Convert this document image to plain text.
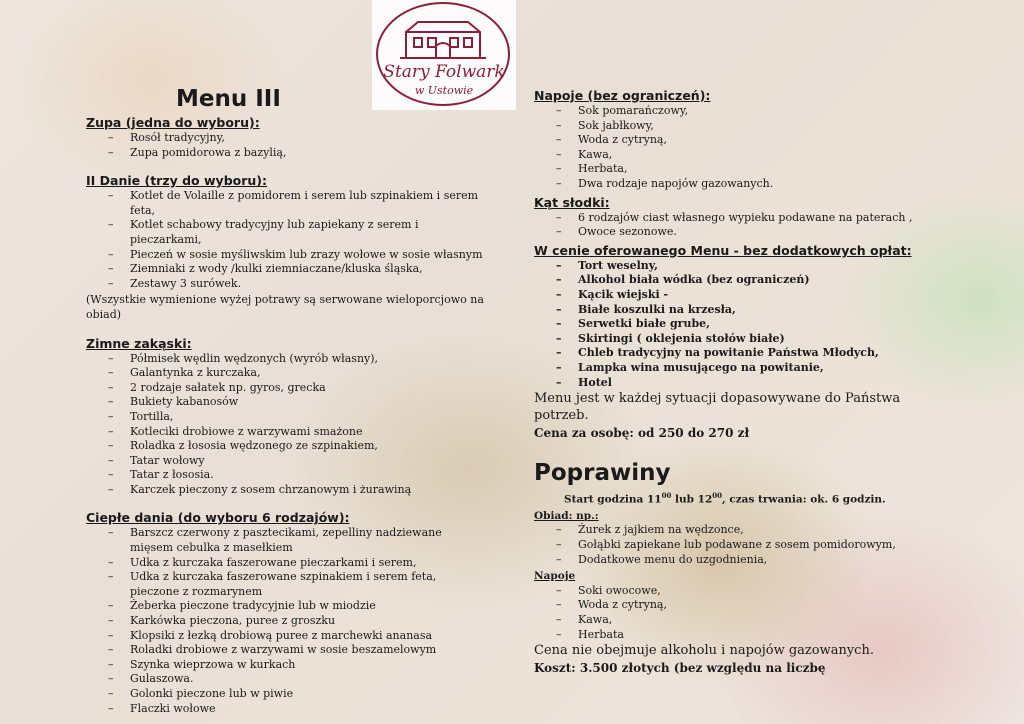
Stary Folwark
w Ustowie
Menu III
Zupa (jedna do wyboru):
– Rosół tradycyjny,
– Zupa pomidorowa z bazylią,
II Danie (trzy do wyboru):
– Kotlet de Volaille z pomidorem i serem lub szpinakiem i serem feta,
– Kotlet schabowy tradycyjny lub zapiekany z serem i pieczarkami,
– Pieczeń w sosie myśliwskim lub zrazy wołowe w sosie własnym
– Ziemniaki z wody /kulki ziemniaczane/kluska śląska,
– Zestawy 3 surówek.

(Wszystkie wymienione wyżej potrawy są serwowane wieloporcjowo na obiad)

Zimne zakąski:
– Półmisek wędlin wędzonych (wyrób własny),
– Galantynka z kurczaka,
– 2 rodzaje sałatek np. gyros, grecka
– Bukiety kabanosów
– Tortilla,
– Kotleciki drobiowe z warzywami smażone
– Roladka z łososia wędzonego ze szpinakiem,
– Tatar wołowy
– Tatar z łososia.
– Karczek pieczony z sosem chrzanowym i żurawiną
Ciepłe dania (do wyboru 6 rodzajów):
– Barszcz czerwony z pasztecikami, zepelliny nadziewane mięsem cebulka z masełkiem
– Udka z kurczaka faszerowane pieczarkami i serem,
– Udka z kurczaka faszerowane szpinakiem i serem feta, pieczone z rozmarynem
– Żeberka pieczone tradycyjnie lub w miodzie
– Karkówka pieczona, puree z groszku
– Klopsiki z łezką drobiową puree z marchewki ananasa
– Roladki drobiowe z warzywami w sosie beszamelowym
– Szynka wieprzowa w kurkach
– Gulaszowa.
– Golonki pieczone lub w piwie
– Flaczki wołowe
Napoje (bez ograniczeń):
– Sok pomarańczowy,
– Sok jabłkowy,
– Woda z cytryną,
– Kawa,
– Herbata,
– Dwa rodzaje napojów gazowanych.
Kąt słodki:
– 6 rodzajów ciast własnego wypieku podawane na paterach ,
– Owoce sezonowe.
W cenie oferowanego Menu - bez dodatkowych opłat:
– Tort weselny,
– Alkohol biała wódka (bez ograniczeń)
– Kącik wiejski -
– Białe koszulki na krzesła,
– Serwetki białe grube,
– Skirtingi ( oklejenia stołów białe)
– Chleb tradycyjny na powitanie Państwa Młodych,
– Lampka wina musującego na powitanie,
– Hotel

Menu jest w każdej sytuacji dopasowywane do Państwa potrzeb.

Cena za osobę: od 250 do 270 zł

Poprawiny

Start godzina $11^{00}$ lub $12^{00}$, czas trwania: ok. 6 godzin.

Obiad: np.:

– Żurek z jajkiem na wędzonce,
– Gołąbki zapiekane lub podawane z sosem pomidorowym,
– Dodatkowe menu do uzgodnienia,

Napoje

– Soki owocowe,
– Woda z cytryną,
– Kawa,
– Herbata

Cena nie obejmuje alkoholu i napojów gazowanych.

Koszt: 3.500 złotych (bez względu na liczbę
